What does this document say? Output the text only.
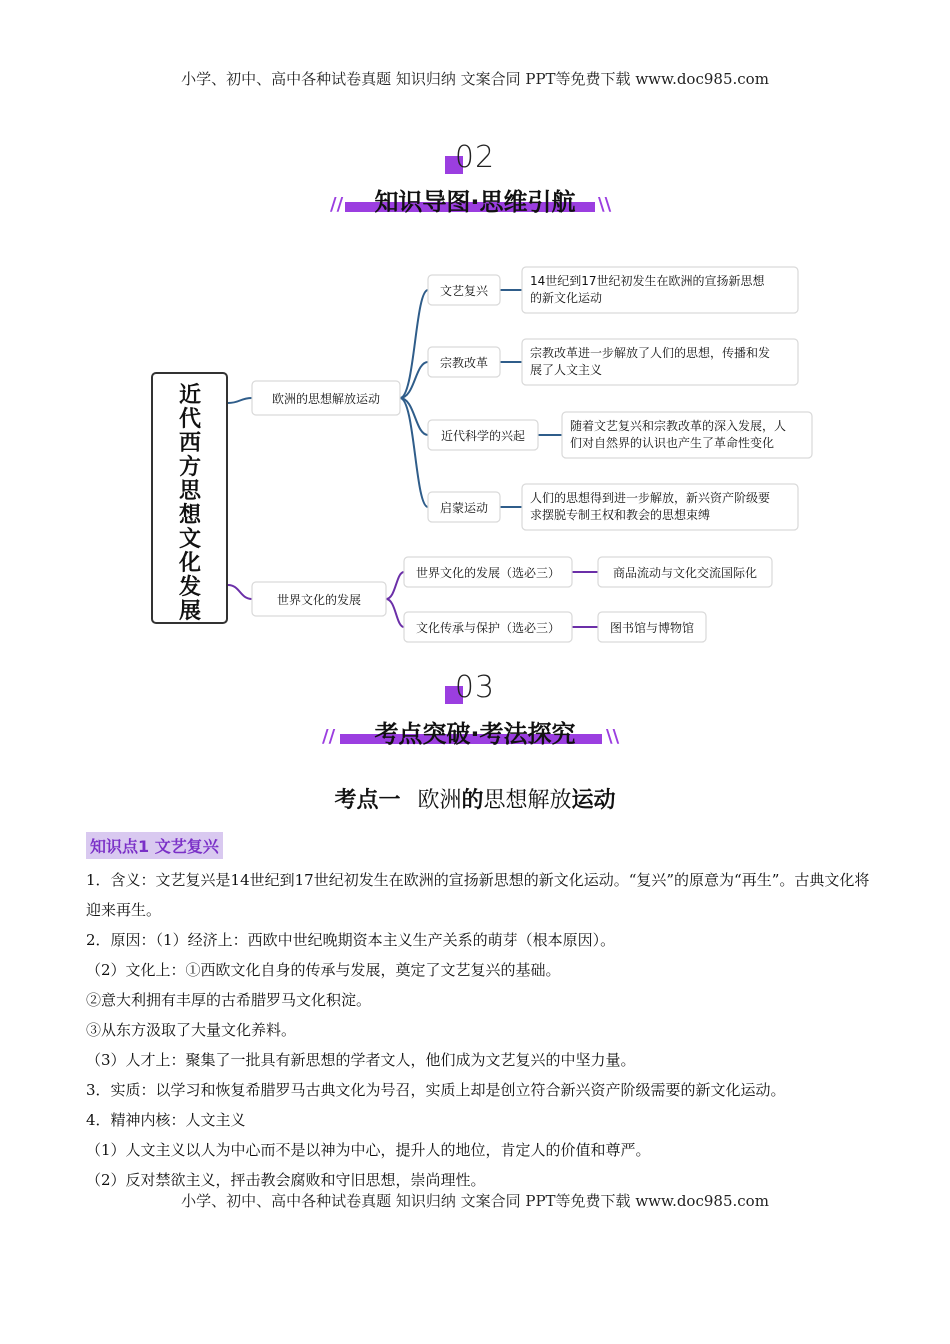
小学、初中、高中各种试卷真题 知识归纳 文案合同 PPT等免费下载 www.doc985.com
02
//	\\
知识导图·思维引航
近
代
西
方
思
想
文
化
发
展
欧洲的思想解放运动
文艺复兴
14世纪到17世纪初发生在欧洲的宣扬新思想
的新文化运动
宗教改革
宗教改革进一步解放了人们的思想，传播和发
展了人文主义
近代科学的兴起
随着文艺复兴和宗教改革的深入发展，人
们对自然界的认识也产生了革命性变化
启蒙运动
人们的思想得到进一步解放，新兴资产阶级要
求摆脱专制王权和教会的思想束缚
世界文化的发展
世界文化的发展（选必三）	商品流动与文化交流国际化
文化传承与保护（选必三）	图书馆与博物馆
03
//	\\
考点突破·考法探究
考点一 欧洲的思想解放运动
知识点1 文艺复兴

1．含义：文艺复兴是14世纪到17世纪初发生在欧洲的宣扬新思想的新文化运动。“复兴”的原意为“再生”。古典文化将迎来再生。

2．原因：（1）经济上：西欧中世纪晚期资本主义生产关系的萌芽（根本原因）。

（2）文化上：①西欧文化自身的传承与发展，奠定了文艺复兴的基础。

②意大利拥有丰厚的古希腊罗马文化积淀。

③从东方汲取了大量文化养料。

（3）人才上：聚集了一批具有新思想的学者文人，他们成为文艺复兴的中坚力量。

3．实质：以学习和恢复希腊罗马古典文化为号召，实质上却是创立符合新兴资产阶级需要的新文化运动。

4．精神内核：人文主义

（1）人文主义以人为中心而不是以神为中心，提升人的地位，肯定人的价值和尊严。

（2）反对禁欲主义，抨击教会腐败和守旧思想，崇尚理性。

小学、初中、高中各种试卷真题 知识归纳 文案合同 PPT等免费下载 www.doc985.com
